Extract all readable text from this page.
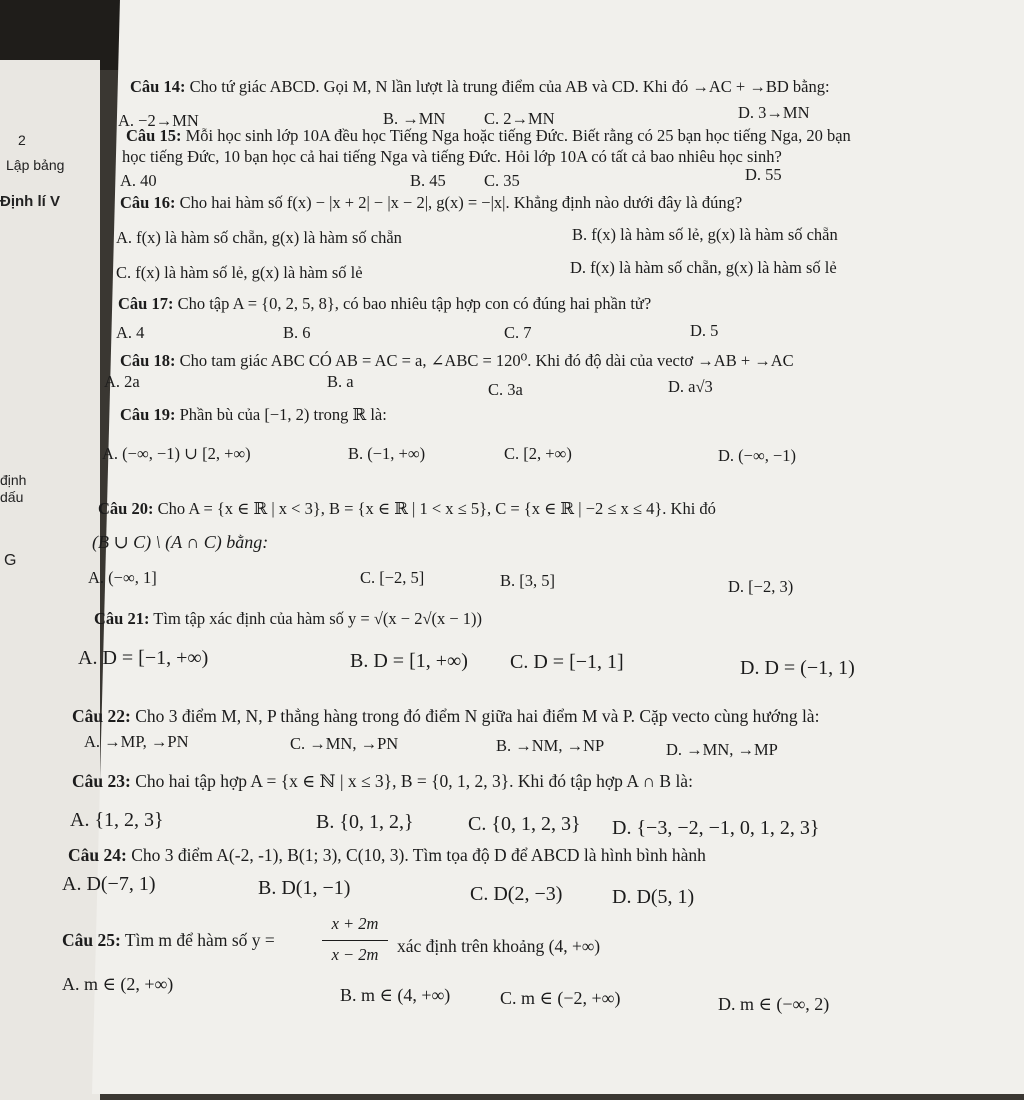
2
Lập bảng
Định lí V
định
dấu
G
Câu 14: Cho tứ giác ABCD. Gọi M, N lần lượt là trung điểm của AB và CD. Khi đó →AC + →BD bằng:
A. −2→MN	B. →MN C. 2→MN	D. 3→MN
Câu 15: Mỗi học sinh lớp 10A đều học Tiếng Nga hoặc tiếng Đức. Biết rằng có 25 bạn học tiếng Nga, 20 bạn
học tiếng Đức, 10 bạn học cả hai tiếng Nga và tiếng Đức. Hỏi lớp 10A có tất cả bao nhiêu học sinh?
A. 40	B. 45 C. 35	D. 55
Câu 16: Cho hai hàm số f(x) − |x + 2| − |x − 2|, g(x) = −|x|. Khẳng định nào dưới đây là đúng?
A. f(x) là hàm số chẵn, g(x) là hàm số chẵn	B. f(x) là hàm số lẻ, g(x) là hàm số chẵn
C. f(x) là hàm số lẻ, g(x) là hàm số lẻ	D. f(x) là hàm số chẵn, g(x) là hàm số lẻ
Câu 17: Cho tập A = {0, 2, 5, 8}, có bao nhiêu tập hợp con có đúng hai phần tử?
A. 4	B. 6	C. 7	D. 5
Câu 18: Cho tam giác ABC CÓ AB = AC = a, ∠ABC = 120⁰. Khi đó độ dài của vectơ →AB + →AC
A. 2a	B. a	C. 3a	D. a√3
Câu 19: Phần bù của [−1, 2) trong ℝ là:
A. (−∞, −1) ∪ [2, +∞)	B. (−1, +∞)	C. [2, +∞)	D. (−∞, −1)
Câu 20: Cho A = {x ∈ ℝ | x < 3}, B = {x ∈ ℝ | 1 < x ≤ 5}, C = {x ∈ ℝ | −2 ≤ x ≤ 4}. Khi đó
(B ∪ C) \ (A ∩ C) bằng:
A. (−∞, 1]	C. [−2, 5]	B. [3, 5]	D. [−2, 3)
Câu 21: Tìm tập xác định của hàm số y = √(x − 2√(x − 1))
A. D = [−1, +∞)	B. D = [1, +∞) C. D = [−1, 1]	D. D = (−1, 1)
Câu 22: Cho 3 điểm M, N, P thẳng hàng trong đó điểm N giữa hai điểm M và P. Cặp vecto cùng hướng là:
A. →MP, →PN	C. →MN, →PN	B. →NM, →NP	D. →MN, →MP
Câu 23: Cho hai tập hợp A = {x ∈ ℕ | x ≤ 3}, B = {0, 1, 2, 3}. Khi đó tập hợp A ∩ B là:
A. {1, 2, 3}	B. {0, 1, 2,}	C. {0, 1, 2, 3} D. {−3, −2, −1, 0, 1, 2, 3}
Câu 24: Cho 3 điểm A(-2, -1), B(1; 3), C(10, 3). Tìm tọa độ D để ABCD là hình bình hành
A. D(−7, 1)	B. D(1, −1)	C. D(2, −3) D. D(5, 1)
Câu 25: Tìm m để hàm số y =
x + 2m
x − 2m	xác định trên khoảng (4, +∞)
A. m ∈ (2, +∞)
B. m ∈ (4, +∞)	C. m ∈ (−2, +∞)	D. m ∈ (−∞, 2)
